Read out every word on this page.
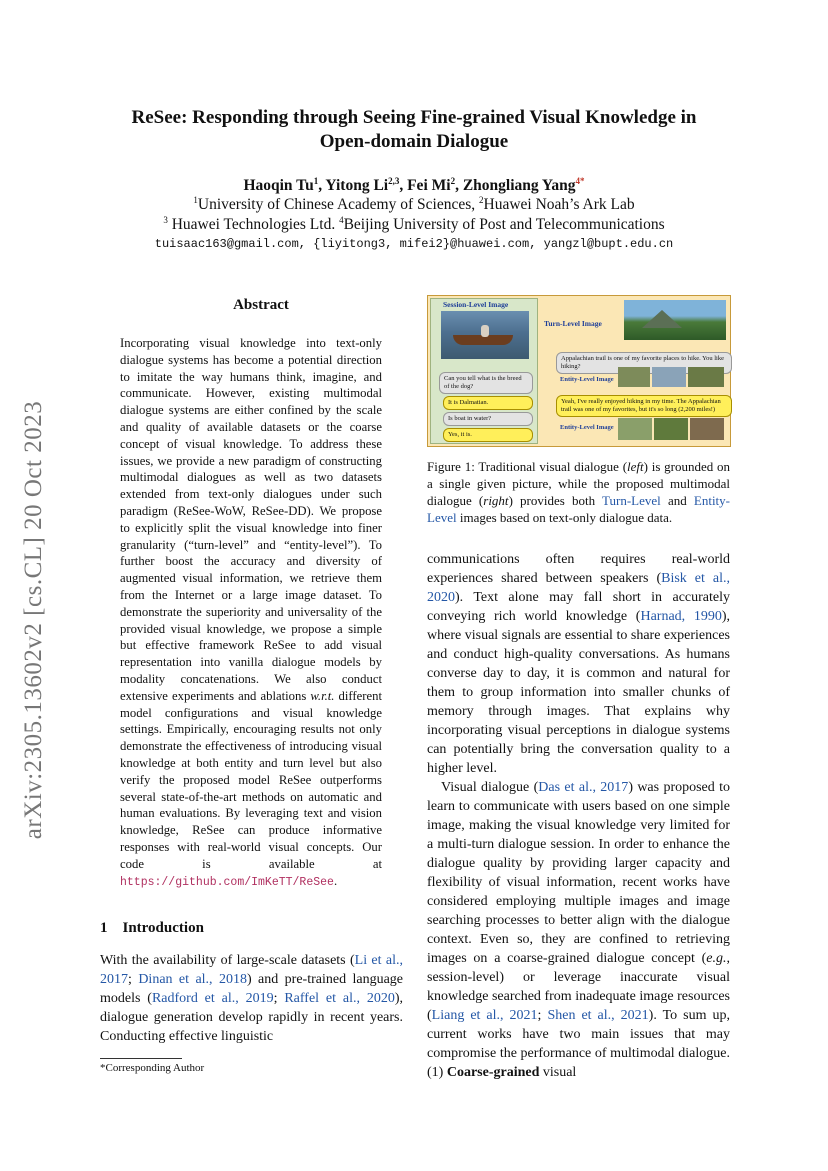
arXiv:2305.13602v2 [cs.CL] 20 Oct 2023
ReSee: Responding through Seeing Fine-grained Visual Knowledge in
Open-domain Dialogue
Haoqin Tu$^1$, Yitong Li$^{2,3}$, Fei Mi$^2$, Zhongliang Yang$^{4*}$
$^1$University of Chinese Academy of Sciences, $^2$Huawei Noah’s Ark Lab
$^3$ Huawei Technologies Ltd. $^4$Beijing University of Post and Telecommunications
tuisaac163@gmail.com, {liyitong3, mifei2}@huawei.com, yangzl@bupt.edu.cn
Abstract
Incorporating visual knowledge into text-only dialogue systems has become a potential direction to imitate the way humans think, imagine, and communicate. However, existing multimodal dialogue systems are either confined by the scale and quality of available datasets or the coarse concept of visual knowledge. To address these issues, we provide a new paradigm of constructing multimodal dialogues as well as two datasets extended from text-only dialogues under such paradigm (ReSee-WoW, ReSee-DD). We propose to explicitly split the visual knowledge into finer granularity (“turn-level” and “entity-level”). To further boost the accuracy and diversity of augmented visual information, we retrieve them from the Internet or a large image dataset. To demonstrate the superiority and universality of the provided visual knowledge, we propose a simple but effective framework ReSee to add visual representation into vanilla dialogue models by modality concatenations. We also conduct extensive experiments and ablations w.r.t. different model configurations and visual knowledge settings. Empirically, encouraging results not only demonstrate the effectiveness of introducing visual knowledge at both entity and turn level but also verify the proposed model ReSee outperforms several state-of-the-art methods on automatic and human evaluations. By leveraging text and vision knowledge, ReSee can produce informative responses with real-world visual concepts. Our code is available at https://github.com/ImKeTT/ReSee.
1 Introduction
With the availability of large-scale datasets (Li et al., 2017; Dinan et al., 2018) and pre-trained language models (Radford et al., 2019; Raffel et al., 2020), dialogue generation develop rapidly in recent years. Conducting effective linguistic
*Corresponding Author
Session-Level Image
Can you tell what is the breed of the dog?
It is Dalmatian.
Is boat in water?
Yes, it is.
Turn-Level Image
Appalachian trail is one of my favorite places to hike. You like hiking?
Entity-Level Image
Yeah, I've really enjoyed hiking in my time. The Appalachian trail was one of my favorites, but it's so long (2,200 miles!)
Entity-Level Image
Figure 1: Traditional visual dialogue (left) is grounded on a single given picture, while the proposed multimodal dialogue (right) provides both Turn-Level and Entity-Level images based on text-only dialogue data.

communications often requires real-world experiences shared between speakers (Bisk et al., 2020). Text alone may fall short in accurately conveying rich world knowledge (Harnad, 1990), where visual signals are essential to share experiences and conduct high-quality conversations. As humans converse day to day, it is common and natural for them to group information into smaller chunks of memory through images. That explains why incorporating visual perceptions in dialogue systems can potentially bring the conversation quality to a higher level.

Visual dialogue (Das et al., 2017) was proposed to learn to communicate with users based on one simple image, making the visual knowledge very limited for a multi-turn dialogue session. In order to enhance the dialogue quality by providing larger capacity and flexibility of visual information, recent works have considered employing multiple images and image searching processes to better align with the dialogue context. Even so, they are confined to retrieving images on a coarse-grained dialogue concept (e.g., session-level) or leverage inaccurate visual knowledge searched from inadequate image resources (Liang et al., 2021; Shen et al., 2021). To sum up, current works have two main issues that may compromise the performance of multimodal dialogue. (1) Coarse-grained visual
